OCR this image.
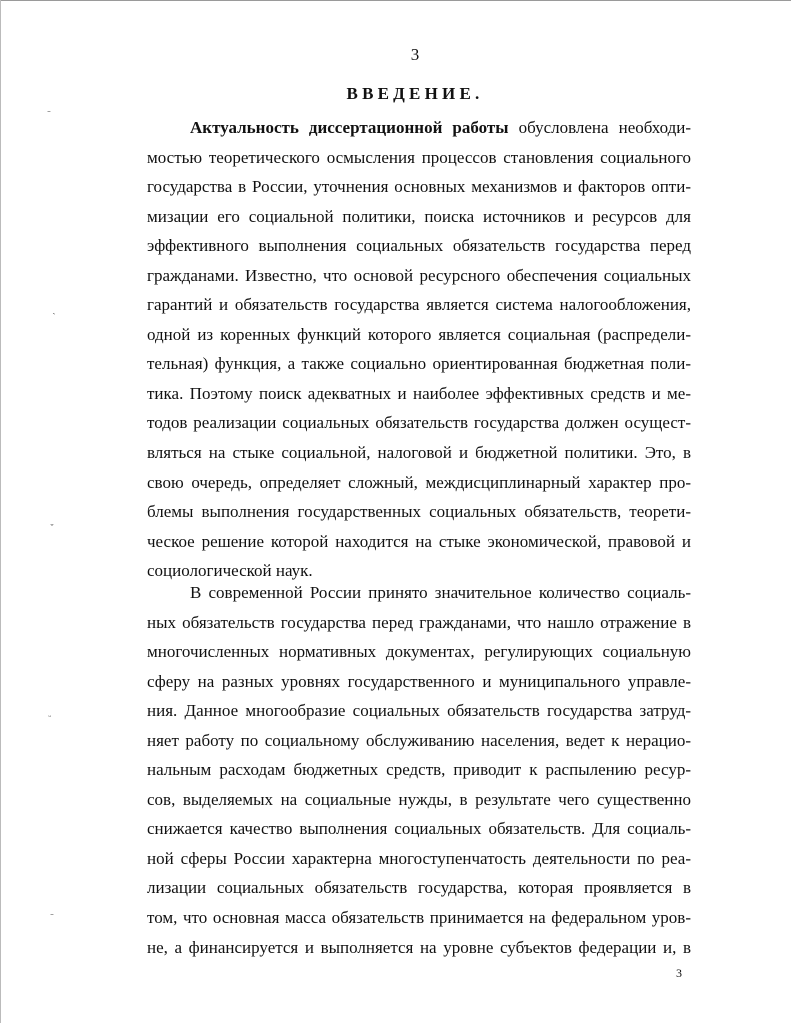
3
ВВЕДЕНИЕ.
Актуальность диссертационной работы обусловлена необходи-
мостью теоретического осмысления процессов становления социального
государства в России, уточнения основных механизмов и факторов опти-
мизации его социальной политики, поиска источников и ресурсов для
эффективного выполнения социальных обязательств государства перед
гражданами. Известно, что основой ресурсного обеспечения социальных
гарантий и обязательств государства является система налогообложения,
одной из коренных функций которого является социальная (распредели-
тельная) функция, а также социально ориентированная бюджетная поли-
тика. Поэтому поиск адекватных и наиболее эффективных средств и ме-
тодов реализации социальных обязательств государства должен осущест-
вляться на стыке социальной, налоговой и бюджетной политики. Это, в
свою очередь, определяет сложный, междисциплинарный характер про-
блемы выполнения государственных социальных обязательств, теорети-
ческое решение которой находится на стыке экономической, правовой и
социологической наук.
В современной России принято значительное количество социаль-
ных обязательств государства перед гражданами, что нашло отражение в
многочисленных нормативных документах, регулирующих социальную
сферу на разных уровнях государственного и муниципального управле-
ния. Данное многообразие социальных обязательств государства затруд-
няет работу по социальному обслуживанию населения, ведет к нерацио-
нальным расходам бюджетных средств, приводит к распылению ресур-
сов, выделяемых на социальные нужды, в результате чего существенно
снижается качество выполнения социальных обязательств. Для социаль-
ной сферы России характерна многоступенчатость деятельности по реа-
лизации социальных обязательств государства, которая проявляется в
том, что основная масса обязательств принимается на федеральном уров-
не, а финансируется и выполняется на уровне субъектов федерации и, в
3
ˍ
ˎ
ˬ
ᵕ
ˍ
